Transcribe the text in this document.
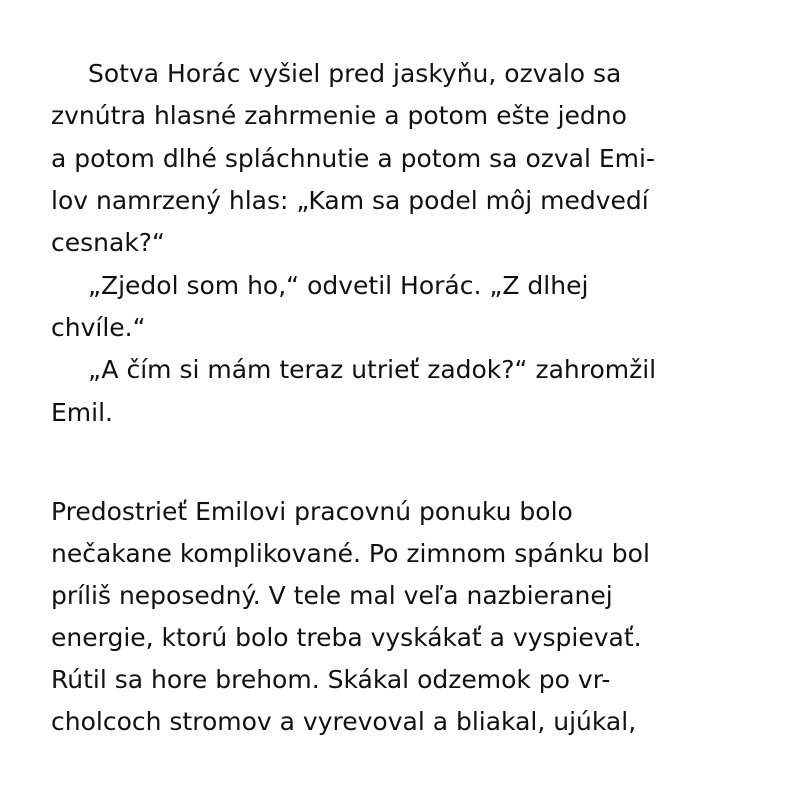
Sotva Horác vyšiel pred jaskyňu, ozvalo sa

zvnútra hlasné zahrmenie a potom ešte jedno

a potom dlhé spláchnutie a potom sa ozval Emi-

lov namrzený hlas: „Kam sa podel môj medvedí

cesnak?“

„Zjedol som ho,“ odvetil Horác. „Z dlhej

chvíle.“

„A čím si mám teraz utrieť zadok?“ zahromžil

Emil.

Predostrieť Emilovi pracovnú ponuku bolo

nečakane komplikované. Po zimnom spánku bol

príliš neposedný. V tele mal veľa nazbieranej

energie, ktorú bolo treba vyskákať a vyspievať.

Rútil sa hore brehom. Skákal odzemok po vr-

cholcoch stromov a vyrevoval a bliakal, ujúkal,
